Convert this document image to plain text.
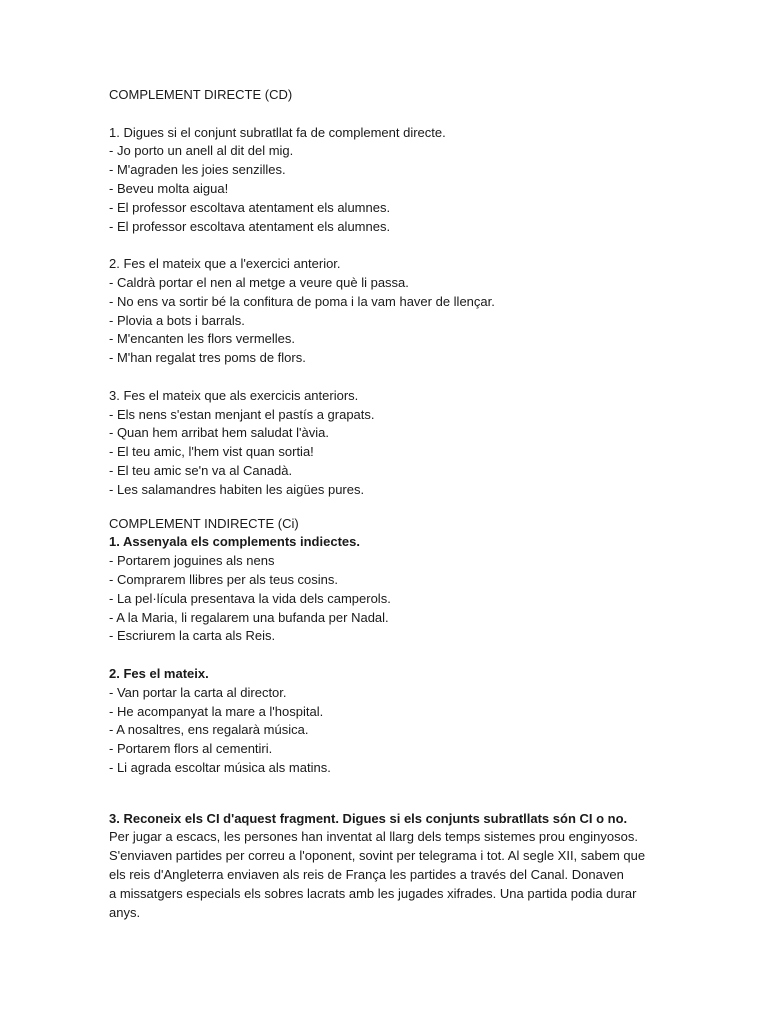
COMPLEMENT DIRECTE (CD)
1. Digues si el conjunt subratllat fa de complement directe.
- Jo porto un anell al dit del mig.
- M'agraden les joies senzilles.
- Beveu molta aigua!
- El professor escoltava atentament els alumnes.
- El professor escoltava atentament els alumnes.
2. Fes el mateix que a l'exercici anterior.
- Caldrà portar el nen al metge a veure què li passa.
- No ens va sortir bé la confitura de poma i la vam haver de llençar.
- Plovia a bots i barrals.
- M'encanten les flors vermelles.
- M'han regalat tres poms de flors.
3. Fes el mateix que als exercicis anteriors.
- Els nens s'estan menjant el pastís a grapats.
- Quan hem arribat hem saludat l'àvia.
- El teu amic, l'hem vist quan sortia!
- El teu amic se'n va al Canadà.
- Les salamandres habiten les aigües pures.
COMPLEMENT INDIRECTE (Ci)
1. Assenyala els complements indiectes.
- Portarem joguines als nens
- Comprarem llibres per als teus cosins.
- La pel·lícula presentava la vida dels camperols.
- A la Maria, li regalarem una bufanda per Nadal.
- Escriurem la carta als Reis.
2. Fes el mateix.
- Van portar la carta al director.
- He acompanyat la mare a l'hospital.
- A nosaltres, ens regalarà música.
- Portarem flors al cementiri.
- Li agrada escoltar música als matins.
3. Reconeix els CI d'aquest fragment. Digues si els conjunts subratllats són CI o no.
Per jugar a escacs, les persones han inventat al llarg dels temps sistemes prou enginyosos.
S'enviaven partides per correu a l'oponent, sovint per telegrama i tot. Al segle XII, sabem que
els reis d'Angleterra enviaven als reis de França les partides a través del Canal. Donaven
a missatgers especials els sobres lacrats amb les jugades xifrades. Una partida podia durar
anys.
